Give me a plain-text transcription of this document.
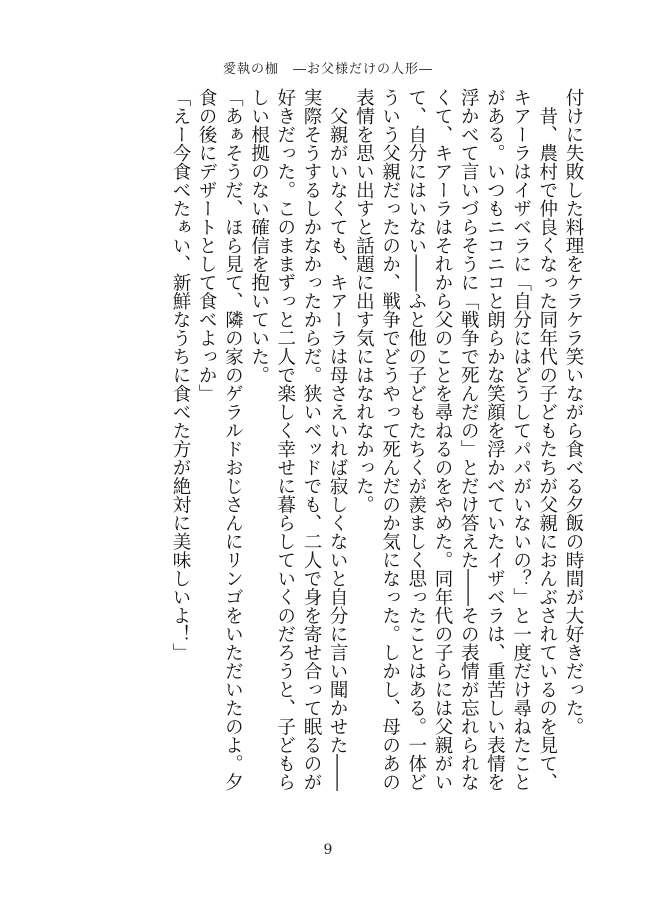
愛執の枷　―お父様だけの人形―

付けに失敗した料理をケラケラ笑いながら食べる夕飯の時間が大好きだった。

　昔、農村で仲良くなった同年代の子どもたちが父親におんぶされているのを見て、キアーラはイザベラに「自分にはどうしてパパがいないの？」と一度だけ尋ねたことがある。いつもニコニコと朗らかな笑顔を浮かべていたイザベラは、重苦しい表情を浮かべて言いづらそうに「戦争で死んだの」とだけ答えた――その表情が忘れられなくて、キアーラはそれから父のことを尋ねるのをやめた。同年代の子らには父親がいて、自分にはいない――ふと他の子どもたちくが羨ましく思ったことはある。一体どういう父親だったのか、戦争でどうやって死んだのか気になった。しかし、母のあの表情を思い出すと話題に出す気にはなれなかった。

　父親がいなくても、キアーラは母さえいれば寂しくないと自分に言い聞かせた――実際そうするしかなかったからだ。狭いベッドでも、二人で身を寄せ合って眠るのが好きだった。このままずっと二人で楽しく幸せに暮らしていくのだろうと、子どもらしい根拠のない確信を抱いていた。

「あぁそうだ、ほら見て、隣の家のゲラルドおじさんにリンゴをいただいたのよ。夕食の後にデザートとして食べよっか」

「えー今食べたぁい、新鮮なうちに食べた方が絶対に美味しいよ！」

9
